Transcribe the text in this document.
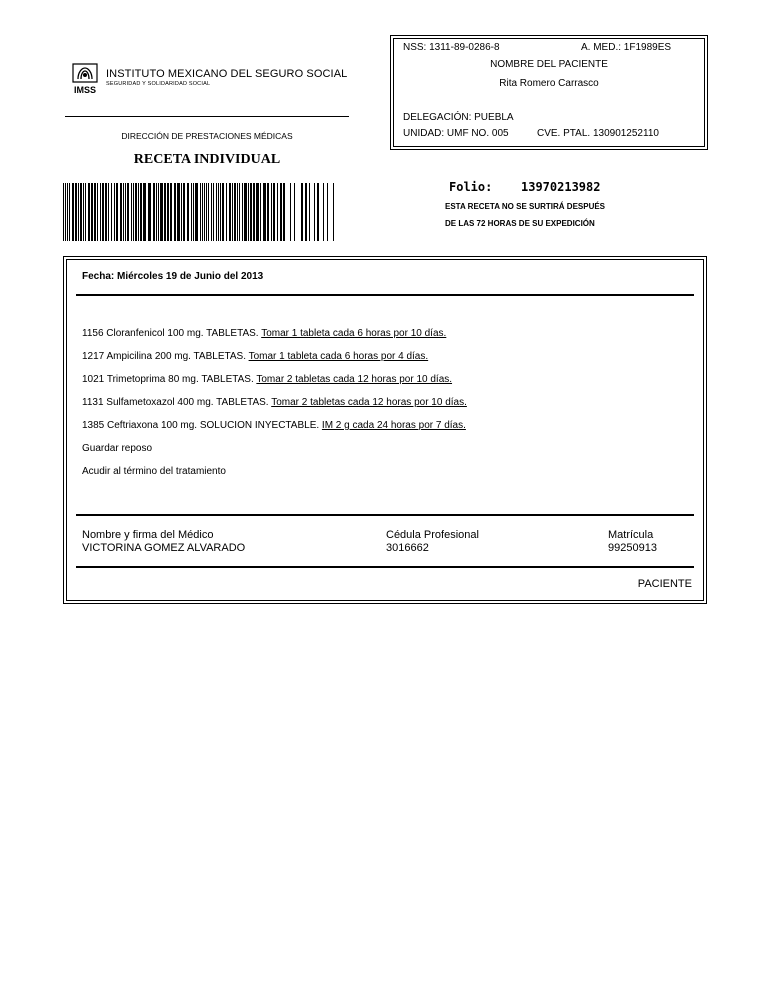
IMSS
INSTITUTO MEXICANO DEL SEGURO SOCIAL
SEGURIDAD Y SOLIDARIDAD SOCIAL
DIRECCIÓN DE PRESTACIONES MÉDICAS
RECETA INDIVIDUAL
NSS: 1311-89-0286-8	A. MED.: 1F1989ES
NOMBRE DEL PACIENTE
Rita Romero Carrasco
DELEGACIÓN: PUEBLA
UNIDAD: UMF NO. 005	CVE. PTAL. 130901252110
Folio: 13970213982
ESTA RECETA NO SE SURTIRÁ DESPUÉS
DE LAS 72 HORAS DE SU EXPEDICIÓN
Fecha: Miércoles 19 de Junio del 2013
1156 Cloranfenicol 100 mg. TABLETAS. Tomar 1 tableta cada 6 horas por 10 días.
1217 Ampicilina 200 mg. TABLETAS. Tomar 1 tableta cada 6 horas por 4 días.
1021 Trimetoprima 80 mg. TABLETAS. Tomar 2 tabletas cada 12 horas por 10 días.
1131 Sulfametoxazol 400 mg. TABLETAS. Tomar 2 tabletas cada 12 horas por 10 días.
1385 Ceftriaxona 100 mg. SOLUCION INYECTABLE. IM 2 g cada 24 horas por 7 días.
Guardar reposo
Acudir al término del tratamiento
Nombre y firma del Médico
VICTORINA GOMEZ ALVARADO
Cédula Profesional
3016662
Matrícula
99250913
PACIENTE
